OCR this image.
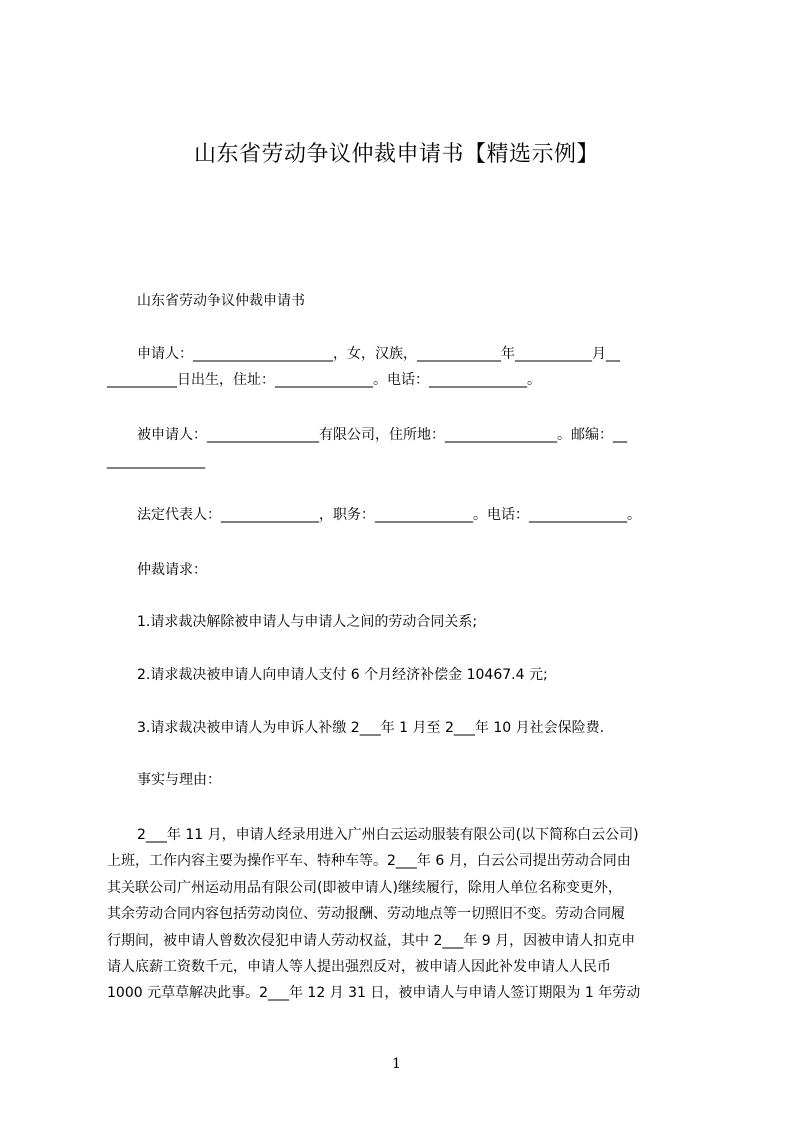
山东省劳动争议仲裁申请书【精选示例】
山东省劳动争议仲裁申请书
申请人：____________________，女，汉族，____________年___________月__
__________日出生，住址：______________。电话：______________。
被申请人：________________有限公司，住所地：________________。邮编：__
______________
法定代表人：______________，职务：______________。电话：______________。
仲裁请求：
1.请求裁决解除被申请人与申请人之间的劳动合同关系;
2.请求裁决被申请人向申请人支付 6 个月经济补偿金 10467.4 元;
3.请求裁决被申请人为申诉人补缴 2___年 1 月至 2___年 10 月社会保险费.
事实与理由：
2___年 11 月，申请人经录用进入广州白云运动服装有限公司(以下简称白云公司)
上班，工作内容主要为操作平车、特种车等。2___年 6 月，白云公司提出劳动合同由
其关联公司广州运动用品有限公司(即被申请人)继续履行，除用人单位名称变更外，
其余劳动合同内容包括劳动岗位、劳动报酬、劳动地点等一切照旧不变。劳动合同履
行期间，被申请人曾数次侵犯申请人劳动权益，其中 2___年 9 月，因被申请人扣克申
请人底薪工资数千元，申请人等人提出强烈反对，被申请人因此补发申请人人民币
1000 元草草解决此事。2___年 12 月 31 日，被申请人与申请人签订期限为 1 年劳动
1
